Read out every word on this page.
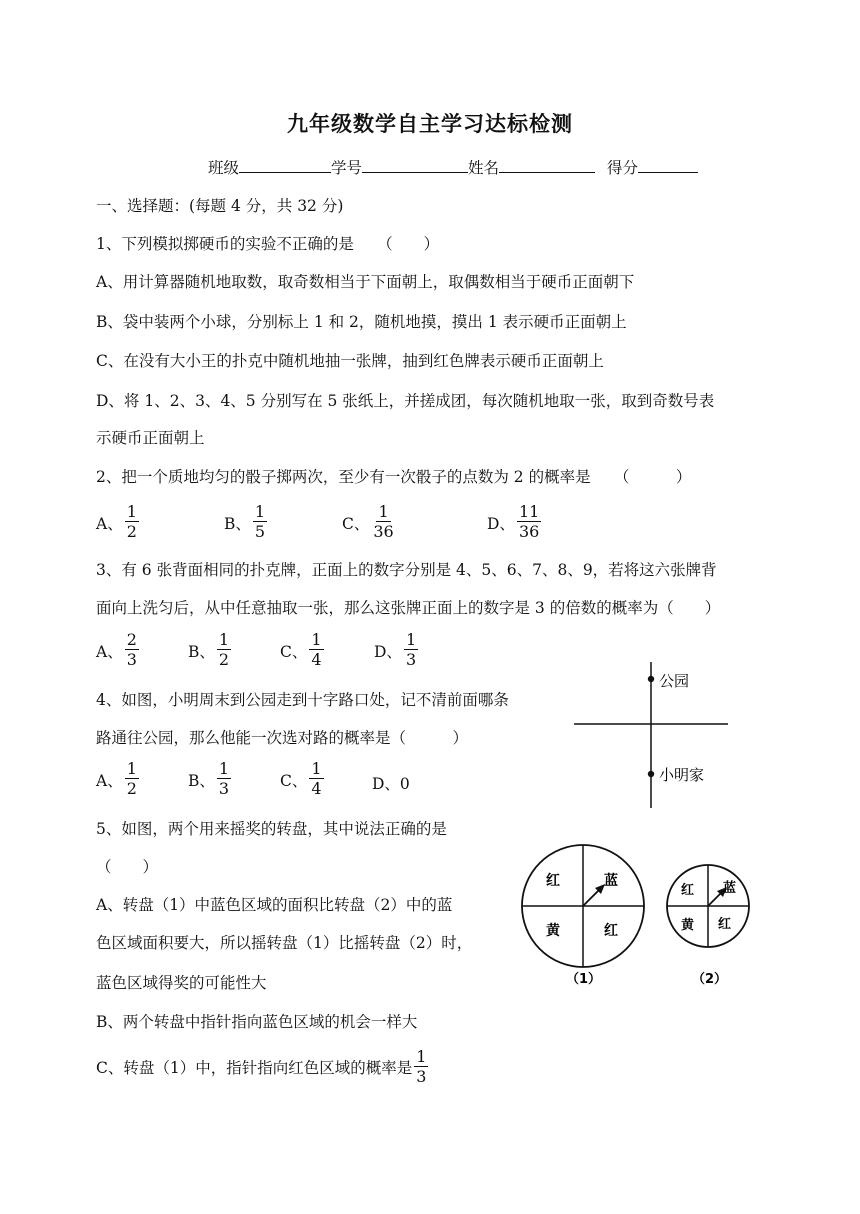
九年级数学自主学习达标检测
班级	学号	姓名	得分
一、选择题：(每题 4 分，共 32 分)
1、下列模拟掷硬币的实验不正确的是　　（　　）
A、用计算器随机地取数，取奇数相当于下面朝上，取偶数相当于硬币正面朝下
B、袋中装两个小球，分别标上 1 和 2，随机地摸，摸出 1 表示硬币正面朝上
C、在没有大小王的扑克中随机地抽一张牌，抽到红色牌表示硬币正面朝上
D、将 1、2、3、4、5 分别写在 5 张纸上，并搓成团，每次随机地取一张，取到奇数号表
示硬币正面朝上
2、把一个质地均匀的骰子掷两次，至少有一次骰子的点数为 2 的概率是　　（　　　）
A、 $\frac{1}{2}$	B、 $\frac{1}{5}$	C、 $\frac{1}{36}$	D、 $\frac{11}{36}$
3、有 6 张背面相同的扑克牌，正面上的数字分别是 4、5、6、7、8、9，若将这六张牌背
面向上洗匀后，从中任意抽取一张，那么这张牌正面上的数字是 3 的倍数的概率为（　　）
A、 $\frac{2}{3}$	B、 $\frac{1}{2}$	C、 $\frac{1}{4}$	D、 $\frac{1}{3}$
4、如图，小明周末到公园走到十字路口处，记不清前面哪条
路通往公园，那么他能一次选对路的概率是（　　　）
A、 $\frac{1}{2}$	B、 $\frac{1}{3}$	C、 $\frac{1}{4}$	D、0
公园
小明家
5、如图，两个用来摇奖的转盘，其中说法正确的是
（　　）
A、转盘（1）中蓝色区域的面积比转盘（2）中的蓝
色区域面积要大，所以摇转盘（1）比摇转盘（2）时，
蓝色区域得奖的可能性大
B、两个转盘中指针指向蓝色区域的机会一样大
C、转盘（1）中，指针指向红色区域的概率是 $\frac{1}{3}$
红	蓝
黄	红
（1）
红 蓝
黄 红
（2）
